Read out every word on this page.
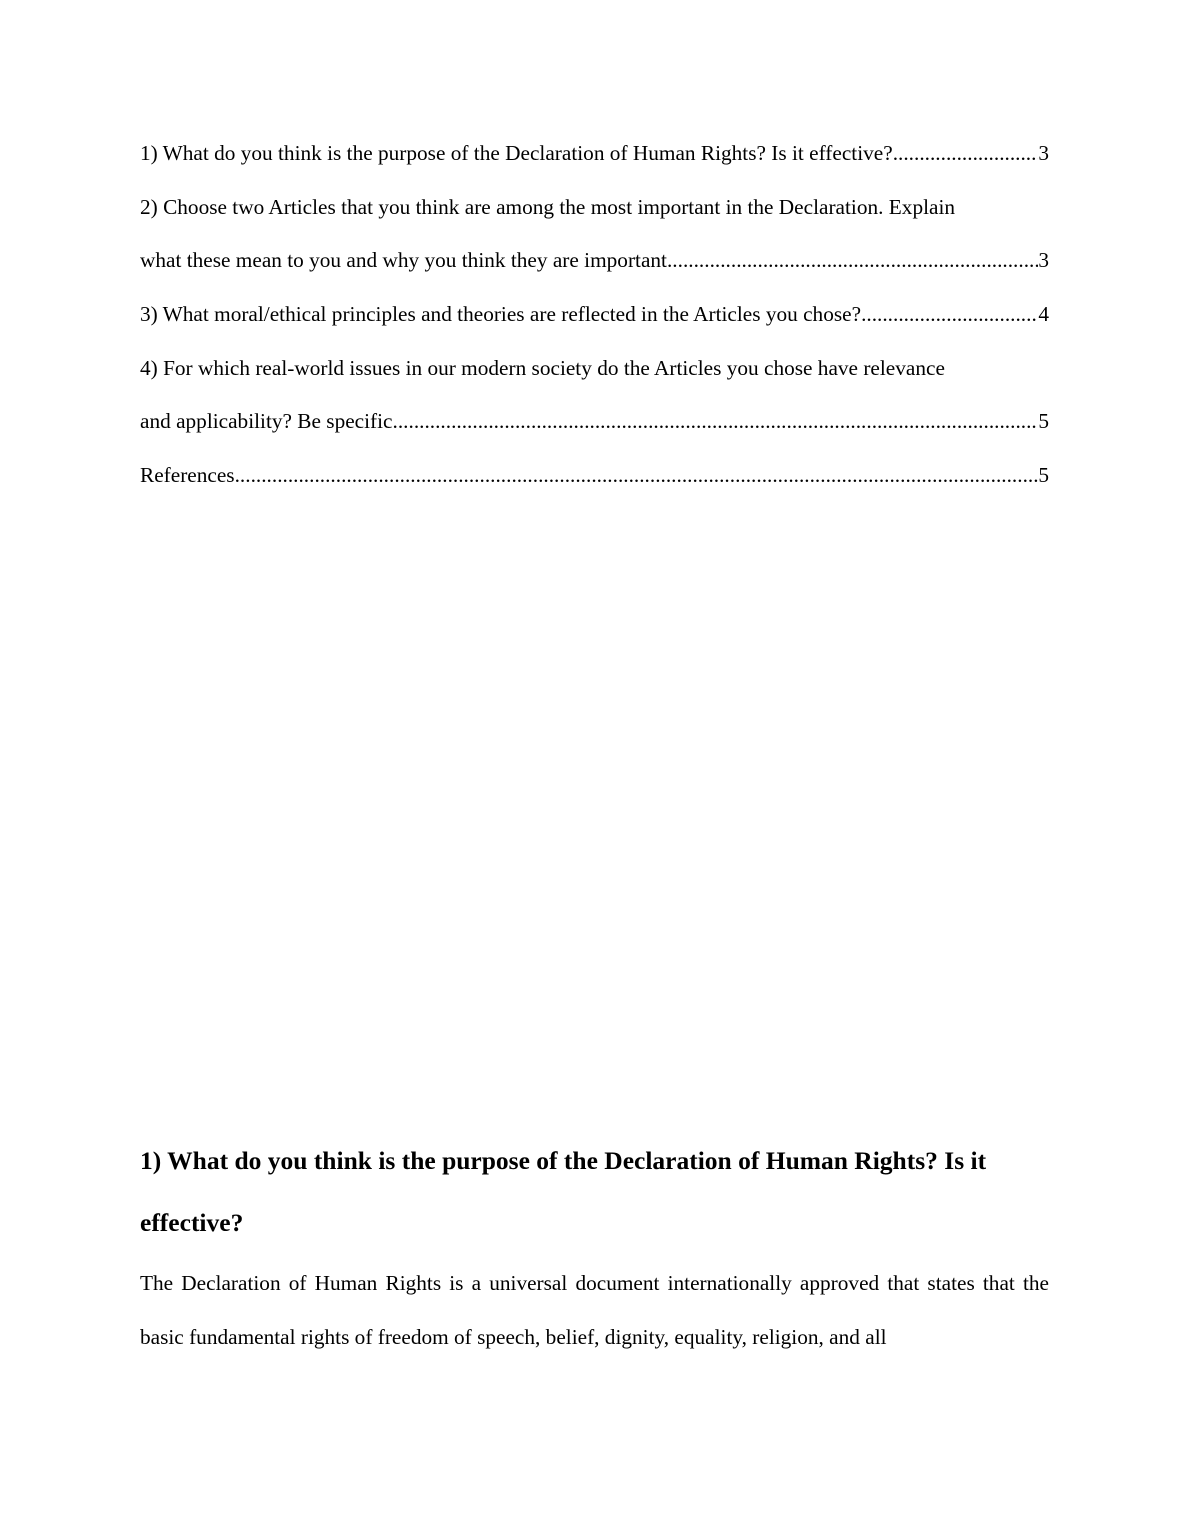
1) What do you think is the purpose of the Declaration of Human Rights? Is it effective? .....	3
2) Choose two Articles that you think are among the most important in the Declaration. Explain
what these mean to you and why you think they are important .....	3
3) What moral/ethical principles and theories are reflected in the Articles you chose? .....	4
4) For which real-world issues in our modern society do the Articles you chose have relevance
and applicability? Be specific .....	5
References .....	5
1) What do you think is the purpose of the Declaration of Human Rights? Is it effective?

The Declaration of Human Rights is a universal document internationally approved that states that the basic fundamental rights of freedom of speech, belief, dignity, equality, religion, and all
